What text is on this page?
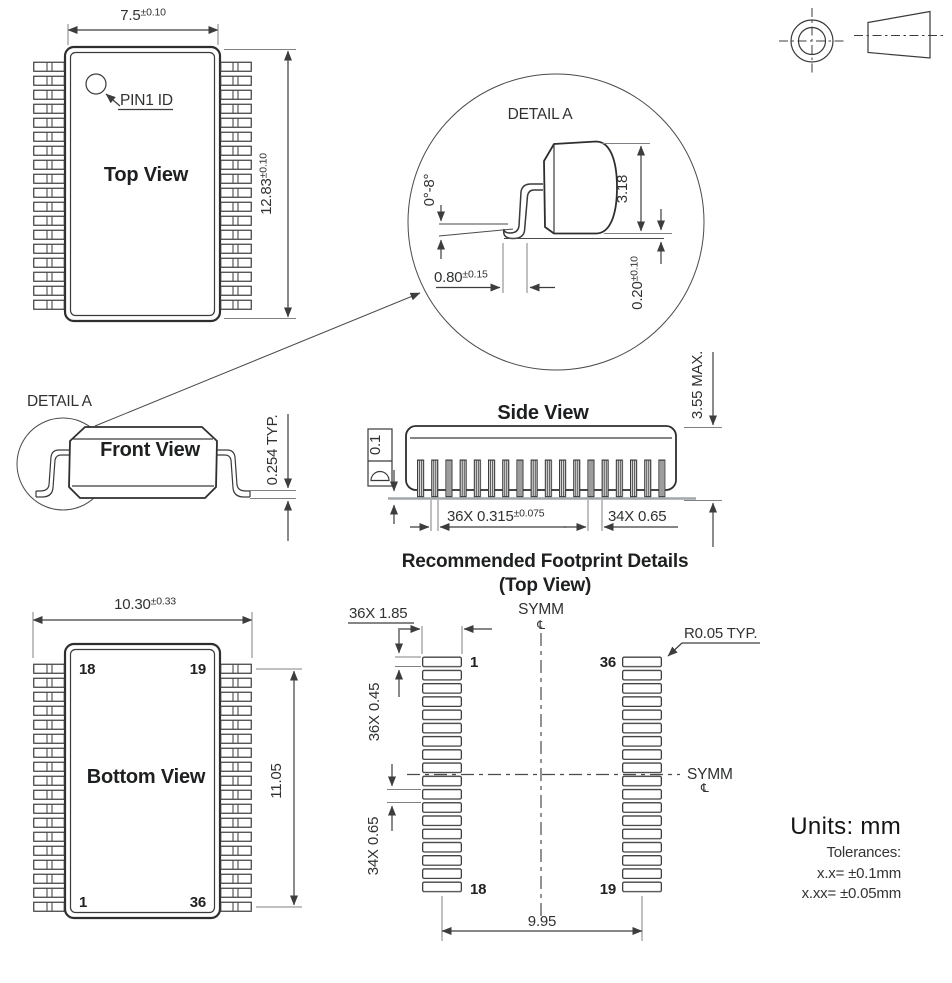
$7.5^{\pm 0.10}$
PIN1 ID
Top View
$12.83^{\pm 0.10}$
DETAIL A
3.18
0°-8°
$0.80^{\pm 0.15}$
$0.20^{\pm 0.10}$
DETAIL A
Front View	0.254 TYP.
Side View
0.1
3.55 MAX.
36X $0.315^{\pm 0.075}$	34X 0.65
Recommended Footprint Details
(Top View)
36X 1.85
1	36
18	19
SYMM
℄
SYMM
℄
36X 0.45
34X 0.65
R0.05 TYP.
9.95
$10.30^{\pm 0.33}$
18	19
1	36
Bottom View	11.05
Units: mm
Tolerances:
x.x= ±0.1mm
x.xx= ±0.05mm
